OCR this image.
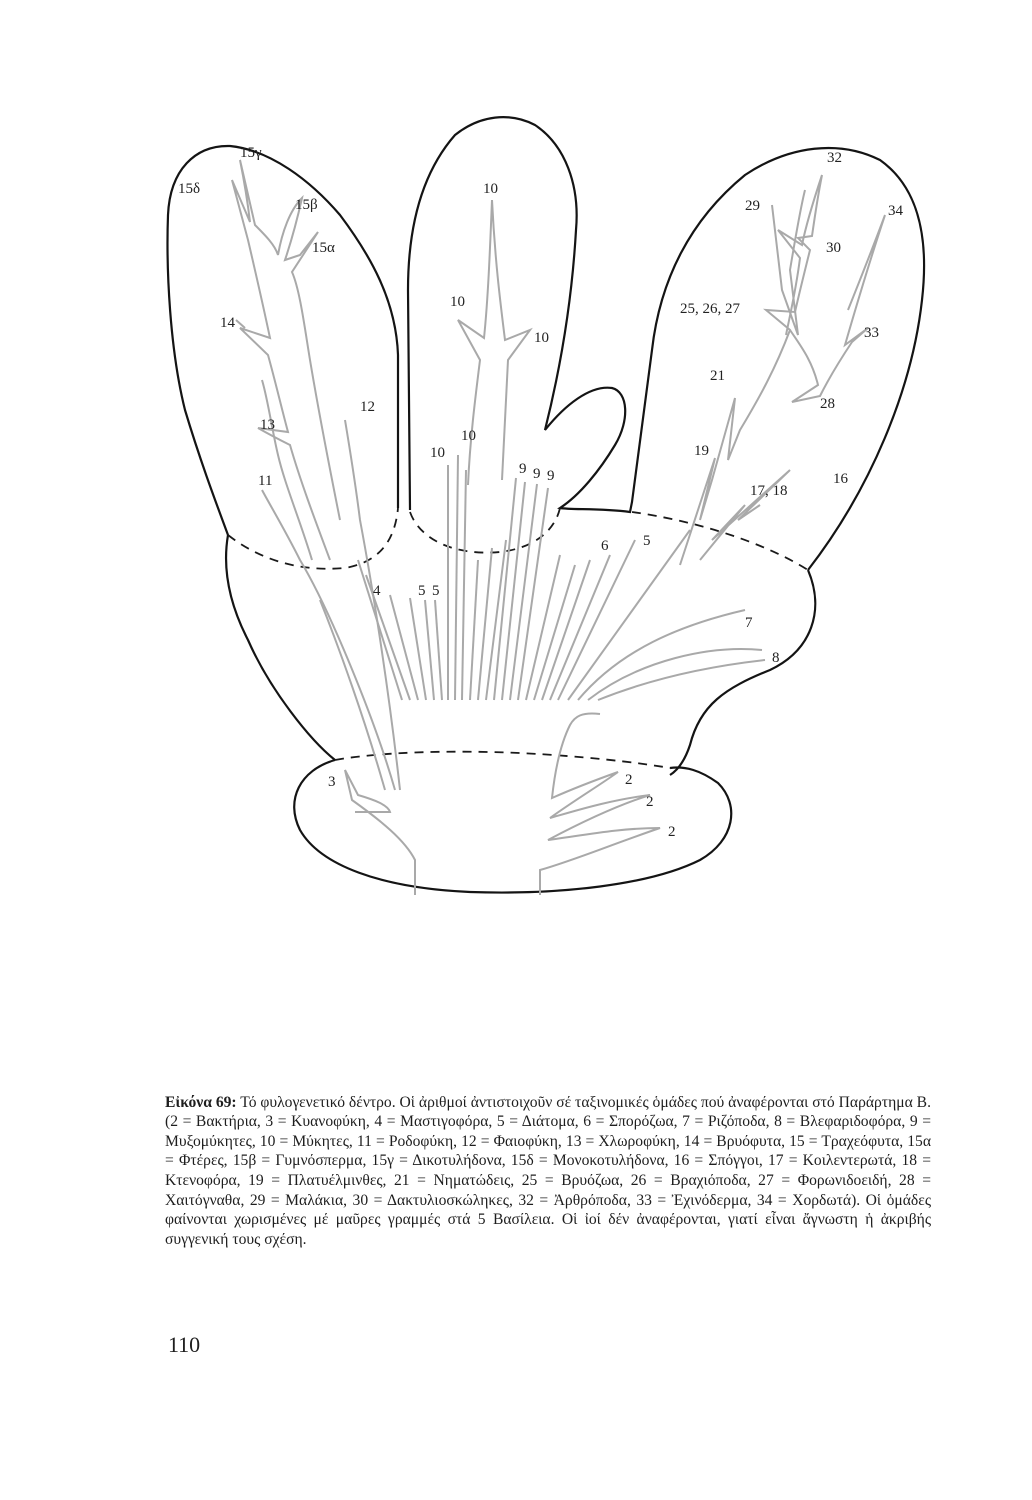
15γ
15δ
15β
15α
14
13
12
11
10
10
10
10
10
9 9 9
32
29	34
30
25, 26, 27
33
21
28
19
17, 18
16
6 5
4	5 5
7
8
3	2
2
2

Εἰκόνα 69: Τό φυλογενετικό δέντρο. Οἱ ἀριθμοί ἀντιστοιχοῦν σέ ταξινομικές ὁμάδες πού ἀναφέρονται στό Παράρτημα Β. (2 = Βακτήρια, 3 = Κυανοφύκη, 4 = Μαστιγοφόρα, 5 = Διάτομα, 6 = Σπορόζωα, 7 = Ριζόποδα, 8 = Βλεφαριδοφόρα, 9 = Μυξομύκητες, 10 = Μύκητες, 11 = Ροδοφύκη, 12 = Φαιοφύκη, 13 = Χλωροφύκη, 14 = Βρυόφυτα, 15 = Τραχεόφυτα, 15α = Φτέρες, 15β = Γυμνόσπερμα, 15γ = Δικοτυλήδονα, 15δ = Μονοκοτυλήδονα, 16 = Σπόγγοι, 17 = Κοιλεντερωτά, 18 = Κτενοφόρα, 19 = Πλατυέλμινθες, 21 = Νηματώδεις, 25 = Βρυόζωα, 26 = Βραχιόποδα, 27 = Φορωνιδοειδή, 28 = Χαιτόγναθα, 29 = Μαλάκια, 30 = Δακτυλιοσκώληκες, 32 = Ἀρθρόποδα, 33 = Ἐχινόδερμα, 34 = Χορδωτά). Οἱ ὁμάδες φαίνονται χωρισμένες μέ μαῦρες γραμμές στά 5 Βασίλεια. Οἱ ἰοί δέν ἀναφέρονται, γιατί εἶναι ἄγνωστη ἡ ἀκριβής συγγενική τους σχέση.

110
